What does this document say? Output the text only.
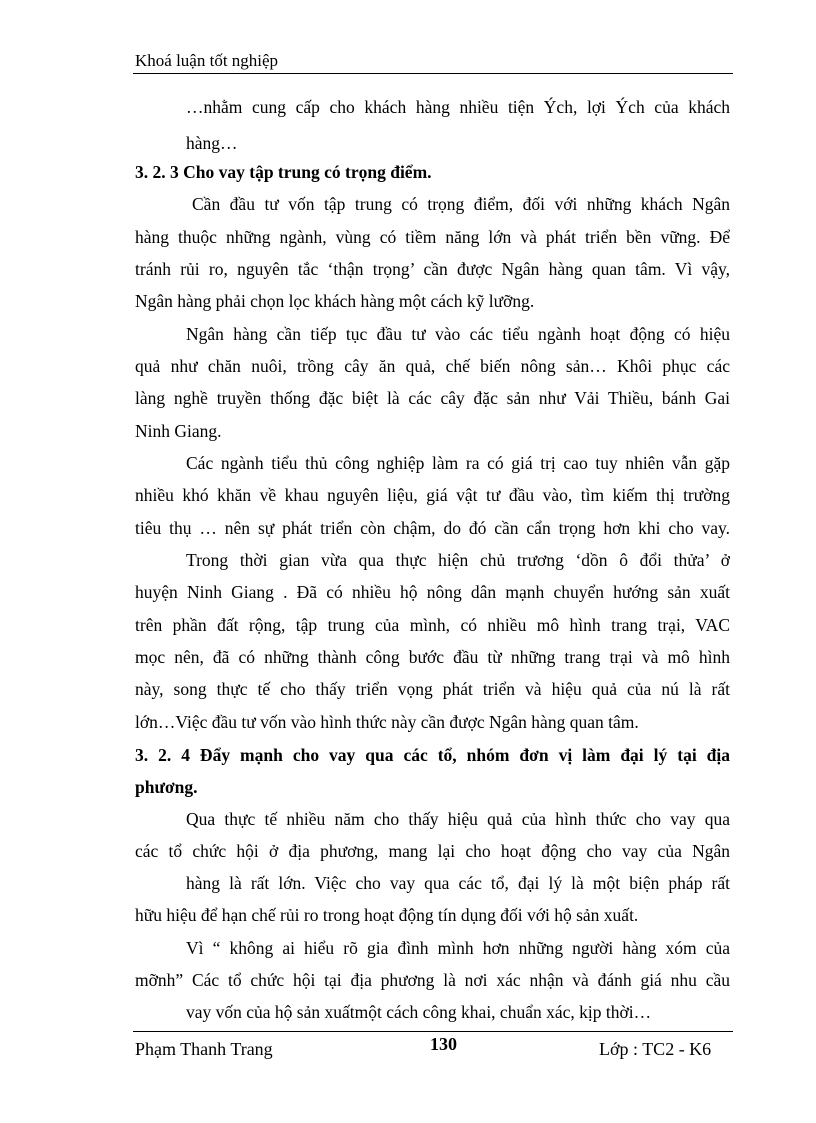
Khoá luận tốt nghiệp
…nhằm cung cấp cho khách hàng nhiều tiện Ých, lợi Ých của khách
hàng…
3. 2. 3 Cho vay tập trung có trọng điểm.
Cần đầu tư vốn tập trung có trọng điểm, đối với những khách Ngân
hàng thuộc những ngành, vùng có tiềm năng lớn và phát triển bền vững. Để
tránh rủi ro, nguyên tắc ‘thận trọng’ cần được Ngân hàng quan tâm. Vì vậy,
Ngân hàng phải chọn lọc khách hàng một cách kỹ lưỡng.
Ngân hàng cần tiếp tục đầu tư vào các tiểu ngành hoạt động có hiệu
quả như chăn nuôi, trồng cây ăn quả, chế biến nông sản… Khôi phục các
làng nghề truyền thống đặc biệt là các cây đặc sản như Vải Thiều, bánh Gai
Ninh Giang.
Các ngành tiểu thủ công nghiệp làm ra có giá trị cao tuy nhiên vẫn gặp
nhiều khó khăn về khau nguyên liệu, giá vật tư đầu vào, tìm kiếm thị trường
tiêu thụ … nên sự phát triển còn chậm, do đó cần cẩn trọng hơn khi cho vay.
Trong thời gian vừa qua thực hiện chủ trương ‘dồn ô đổi thửa’ ở
huyện Ninh Giang . Đã có nhiều hộ nông dân mạnh chuyển hướng sản xuất
trên phần đất rộng, tập trung của mình, có nhiều mô hình trang trại, VAC
mọc nên, đã có những thành công bước đầu từ những trang trại và mô hình
này, song thực tế cho thấy triển vọng phát triển và hiệu quả của nú là rất
lớn…Việc đầu tư vốn vào hình thức này cần được Ngân hàng quan tâm.
3. 2. 4 Đẩy mạnh cho vay qua các tổ, nhóm đơn vị làm đại lý tại địa
phương.
Qua thực tế nhiều năm cho thấy hiệu quả của hình thức cho vay qua
các tổ chức hội ở địa phương, mang lại cho hoạt động cho vay của Ngân
hàng là rất lớn. Việc cho vay qua các tổ, đại lý là một biện pháp rất
hữu hiệu để hạn chế rủi ro trong hoạt động tín dụng đối với hộ sản xuất.
Vì “ không ai hiểu rõ gia đình mình hơn những người hàng xóm của
mỡnh” Các tổ chức hội tại địa phương là nơi xác nhận và đánh giá nhu cầu
vay vốn của hộ sản xuấtmột cách công khai, chuẩn xác, kịp thời…
Phạm Thanh Trang	130	Lớp : TC2 - K6
